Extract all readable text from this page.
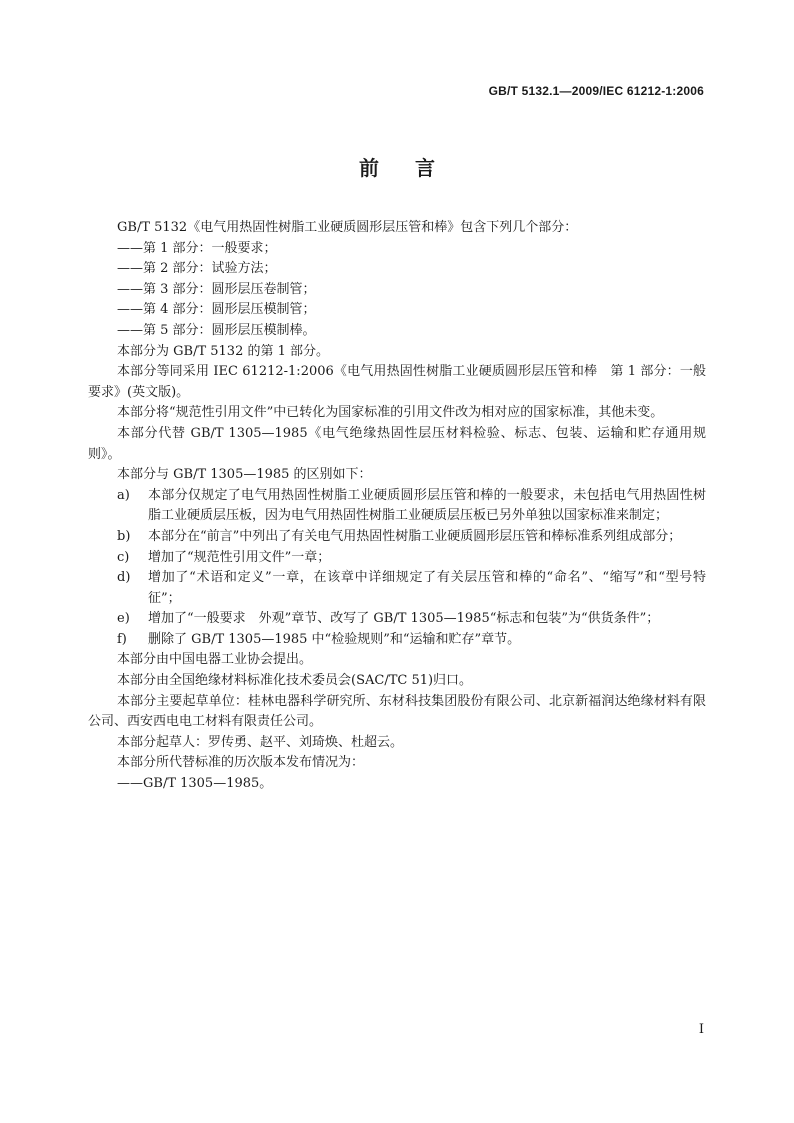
GB/T 5132.1—2009/IEC 61212-1:2006
前言

GB/T 5132《电气用热固性树脂工业硬质圆形层压管和棒》包含下列几个部分：

——第 1 部分：一般要求；

——第 2 部分：试验方法；

——第 3 部分：圆形层压卷制管；

——第 4 部分：圆形层压模制管；

——第 5 部分：圆形层压模制棒。

本部分为 GB/T 5132 的第 1 部分。

本部分等同采用 IEC 61212-1:2006《电气用热固性树脂工业硬质圆形层压管和棒　第 1 部分：一般要求》(英文版)。

本部分将“规范性引用文件”中已转化为国家标准的引用文件改为相对应的国家标准，其他未变。

本部分代替 GB/T 1305—1985《电气绝缘热固性层压材料检验、标志、包装、运输和贮存通用规则》。

本部分与 GB/T 1305—1985 的区别如下：

a) 本部分仅规定了电气用热固性树脂工业硬质圆形层压管和棒的一般要求，未包括电气用热固性树脂工业硬质层压板，因为电气用热固性树脂工业硬质层压板已另外单独以国家标准来制定；
b) 本部分在“前言”中列出了有关电气用热固性树脂工业硬质圆形层压管和棒标准系列组成部分；
c) 增加了“规范性引用文件”一章；
d) 增加了“术语和定义”一章，在该章中详细规定了有关层压管和棒的“命名”、“缩写”和“型号特征”；
e) 增加了“一般要求　外观”章节、改写了 GB/T 1305—1985“标志和包装”为“供货条件”；
f) 删除了 GB/T 1305—1985 中“检验规则”和“运输和贮存”章节。

本部分由中国电器工业协会提出。

本部分由全国绝缘材料标准化技术委员会(SAC/TC 51)归口。

本部分主要起草单位：桂林电器科学研究所、东材科技集团股份有限公司、北京新福润达绝缘材料有限公司、西安西电电工材料有限责任公司。

本部分起草人：罗传勇、赵平、刘琦焕、杜超云。

本部分所代替标准的历次版本发布情况为：

——GB/T 1305—1985。

I
